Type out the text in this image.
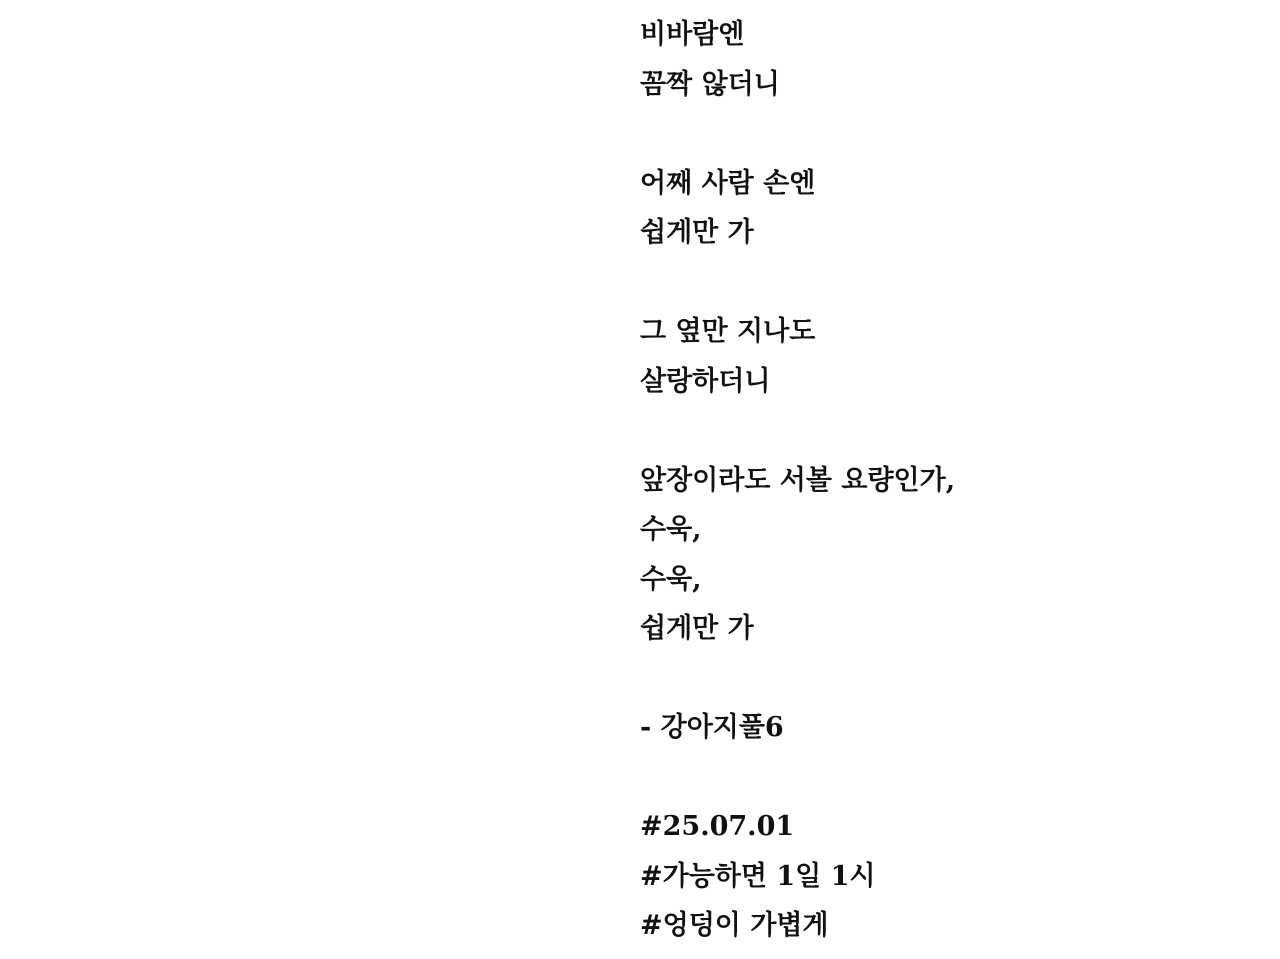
비바람엔
꼼짝 않더니
어째 사람 손엔
쉽게만 가
그 옆만 지나도
살랑하더니
앞장이라도 서볼 요량인가,
수욱,
수욱,
쉽게만 가
- 강아지풀6
#25.07.01
#가능하면 1일 1시
#엉덩이 가볍게
